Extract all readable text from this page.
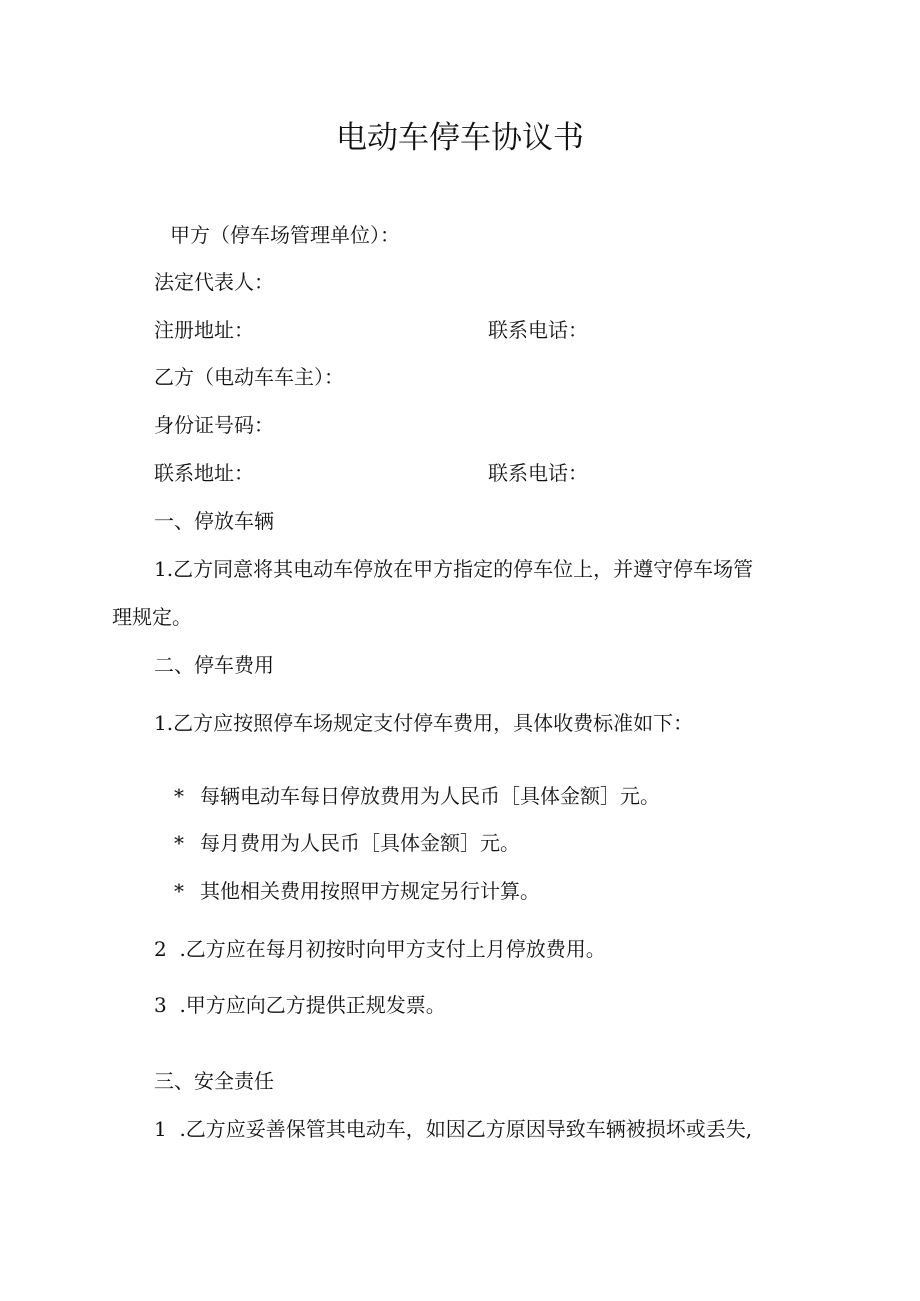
电动车停车协议书
甲方（停车场管理单位）：
法定代表人：
注册地址：	联系电话：
乙方（电动车车主）：
身份证号码：
联系地址：	联系电话：
一、停放车辆
1.乙方同意将其电动车停放在甲方指定的停车位上，并遵守停车场管
理规定。
二、停车费用
1.乙方应按照停车场规定支付停车费用，具体收费标准如下：
* 每辆电动车每日停放费用为人民币［具体金额］元。
* 每月费用为人民币［具体金额］元。
* 其他相关费用按照甲方规定另行计算。
2  .乙方应在每月初按时向甲方支付上月停放费用。
3  .甲方应向乙方提供正规发票。
三、安全责任
1  .乙方应妥善保管其电动车，如因乙方原因导致车辆被损坏或丢失,
